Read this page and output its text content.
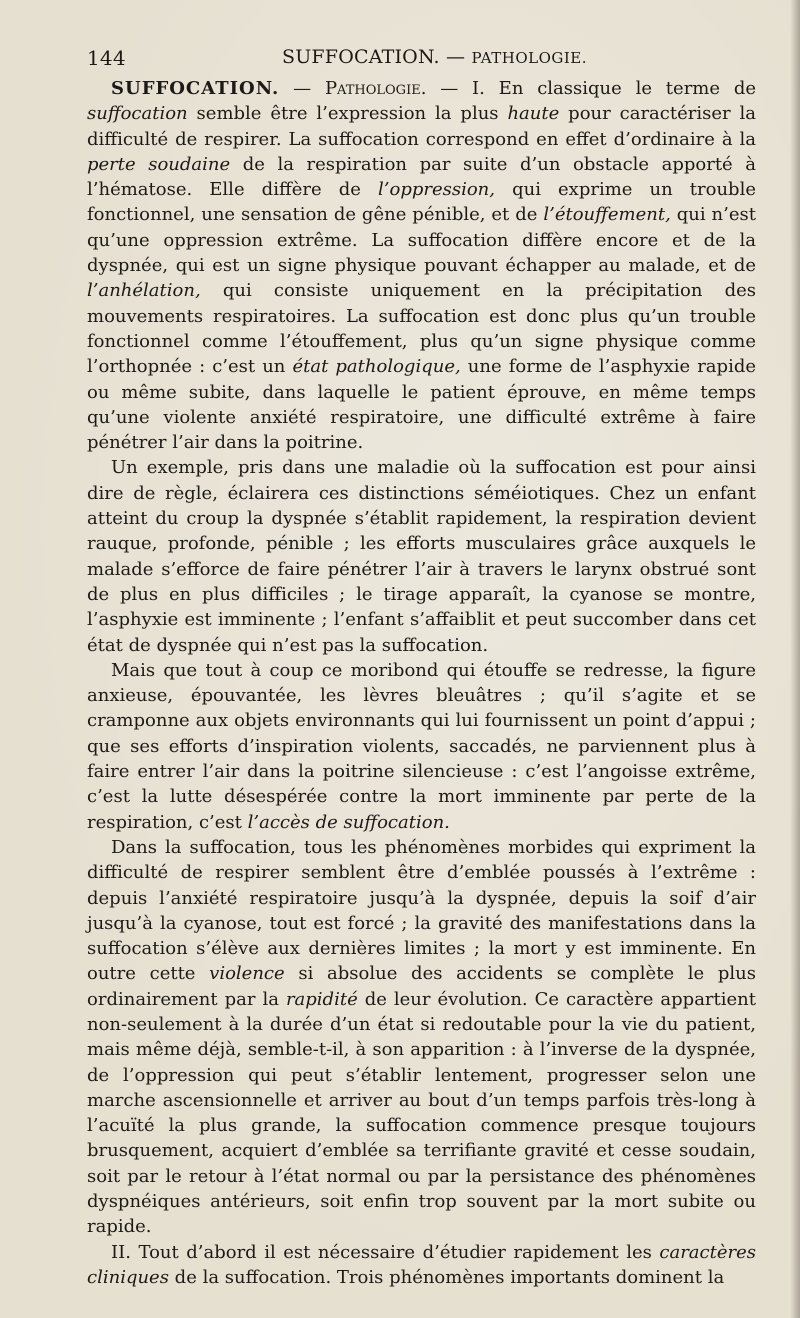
144	SUFFOCATION. — PATHOLOGIE.

SUFFOCATION. — Pathologie. — I. En classique le terme de suffocation semble être l’expression la plus haute pour caractériser la difficulté de respirer. La suffocation correspond en effet d’ordinaire à la perte soudaine de la respiration par suite d’un obstacle apporté à l’hématose. Elle diffère de l’oppression, qui exprime un trouble fonctionnel, une sensation de gêne pénible, et de l’étouffement, qui n’est qu’une oppression extrême. La suffocation diffère encore et de la dyspnée, qui est un signe physique pouvant échapper au malade, et de l’anhélation, qui consiste uniquement en la précipitation des mouvements respiratoires. La suffocation est donc plus qu’un trouble fonctionnel comme l’étouffement, plus qu’un signe physique comme l’orthopnée : c’est un état pathologique, une forme de l’asphyxie rapide ou même subite, dans laquelle le patient éprouve, en même temps qu’une violente anxiété respiratoire, une difficulté extrême à faire pénétrer l’air dans la poitrine.

Un exemple, pris dans une maladie où la suffocation est pour ainsi dire de règle, éclairera ces distinctions séméiotiques. Chez un enfant atteint du croup la dyspnée s’établit rapidement, la respiration devient rauque, profonde, pénible ; les efforts musculaires grâce auxquels le malade s’efforce de faire pénétrer l’air à travers le larynx obstrué sont de plus en plus difficiles ; le tirage apparaît, la cyanose se montre, l’asphyxie est imminente ; l’enfant s’affaiblit et peut succomber dans cet état de dyspnée qui n’est pas la suffocation.

Mais que tout à coup ce moribond qui étouffe se redresse, la figure anxieuse, épouvantée, les lèvres bleuâtres ; qu’il s’agite et se cramponne aux objets environnants qui lui fournissent un point d’appui ; que ses efforts d’inspiration violents, saccadés, ne parviennent plus à faire entrer l’air dans la poitrine silencieuse : c’est l’angoisse extrême, c’est la lutte désespérée contre la mort imminente par perte de la respiration, c’est l’accès de suffocation.

Dans la suffocation, tous les phénomènes morbides qui expriment la difficulté de respirer semblent être d’emblée poussés à l’extrême : depuis l’anxiété respiratoire jusqu’à la dyspnée, depuis la soif d’air jusqu’à la cyanose, tout est forcé ; la gravité des manifestations dans la suffocation s’élève aux dernières limites ; la mort y est imminente. En outre cette violence si absolue des accidents se complète le plus ordinairement par la rapidité de leur évolution. Ce caractère appartient non-seulement à la durée d’un état si redoutable pour la vie du patient, mais même déjà, semble-t-il, à son apparition : à l’inverse de la dyspnée, de l’oppression qui peut s’établir lentement, progresser selon une marche ascensionnelle et arriver au bout d’un temps parfois très-long à l’acuïté la plus grande, la suffocation commence presque toujours brusquement, acquiert d’emblée sa terrifiante gravité et cesse soudain, soit par le retour à l’état normal ou par la persistance des phénomènes dyspnéiques antérieurs, soit enfin trop souvent par la mort subite ou rapide.

II. Tout d’abord il est nécessaire d’étudier rapidement les caractères cliniques de la suffocation. Trois phénomènes importants dominent la
